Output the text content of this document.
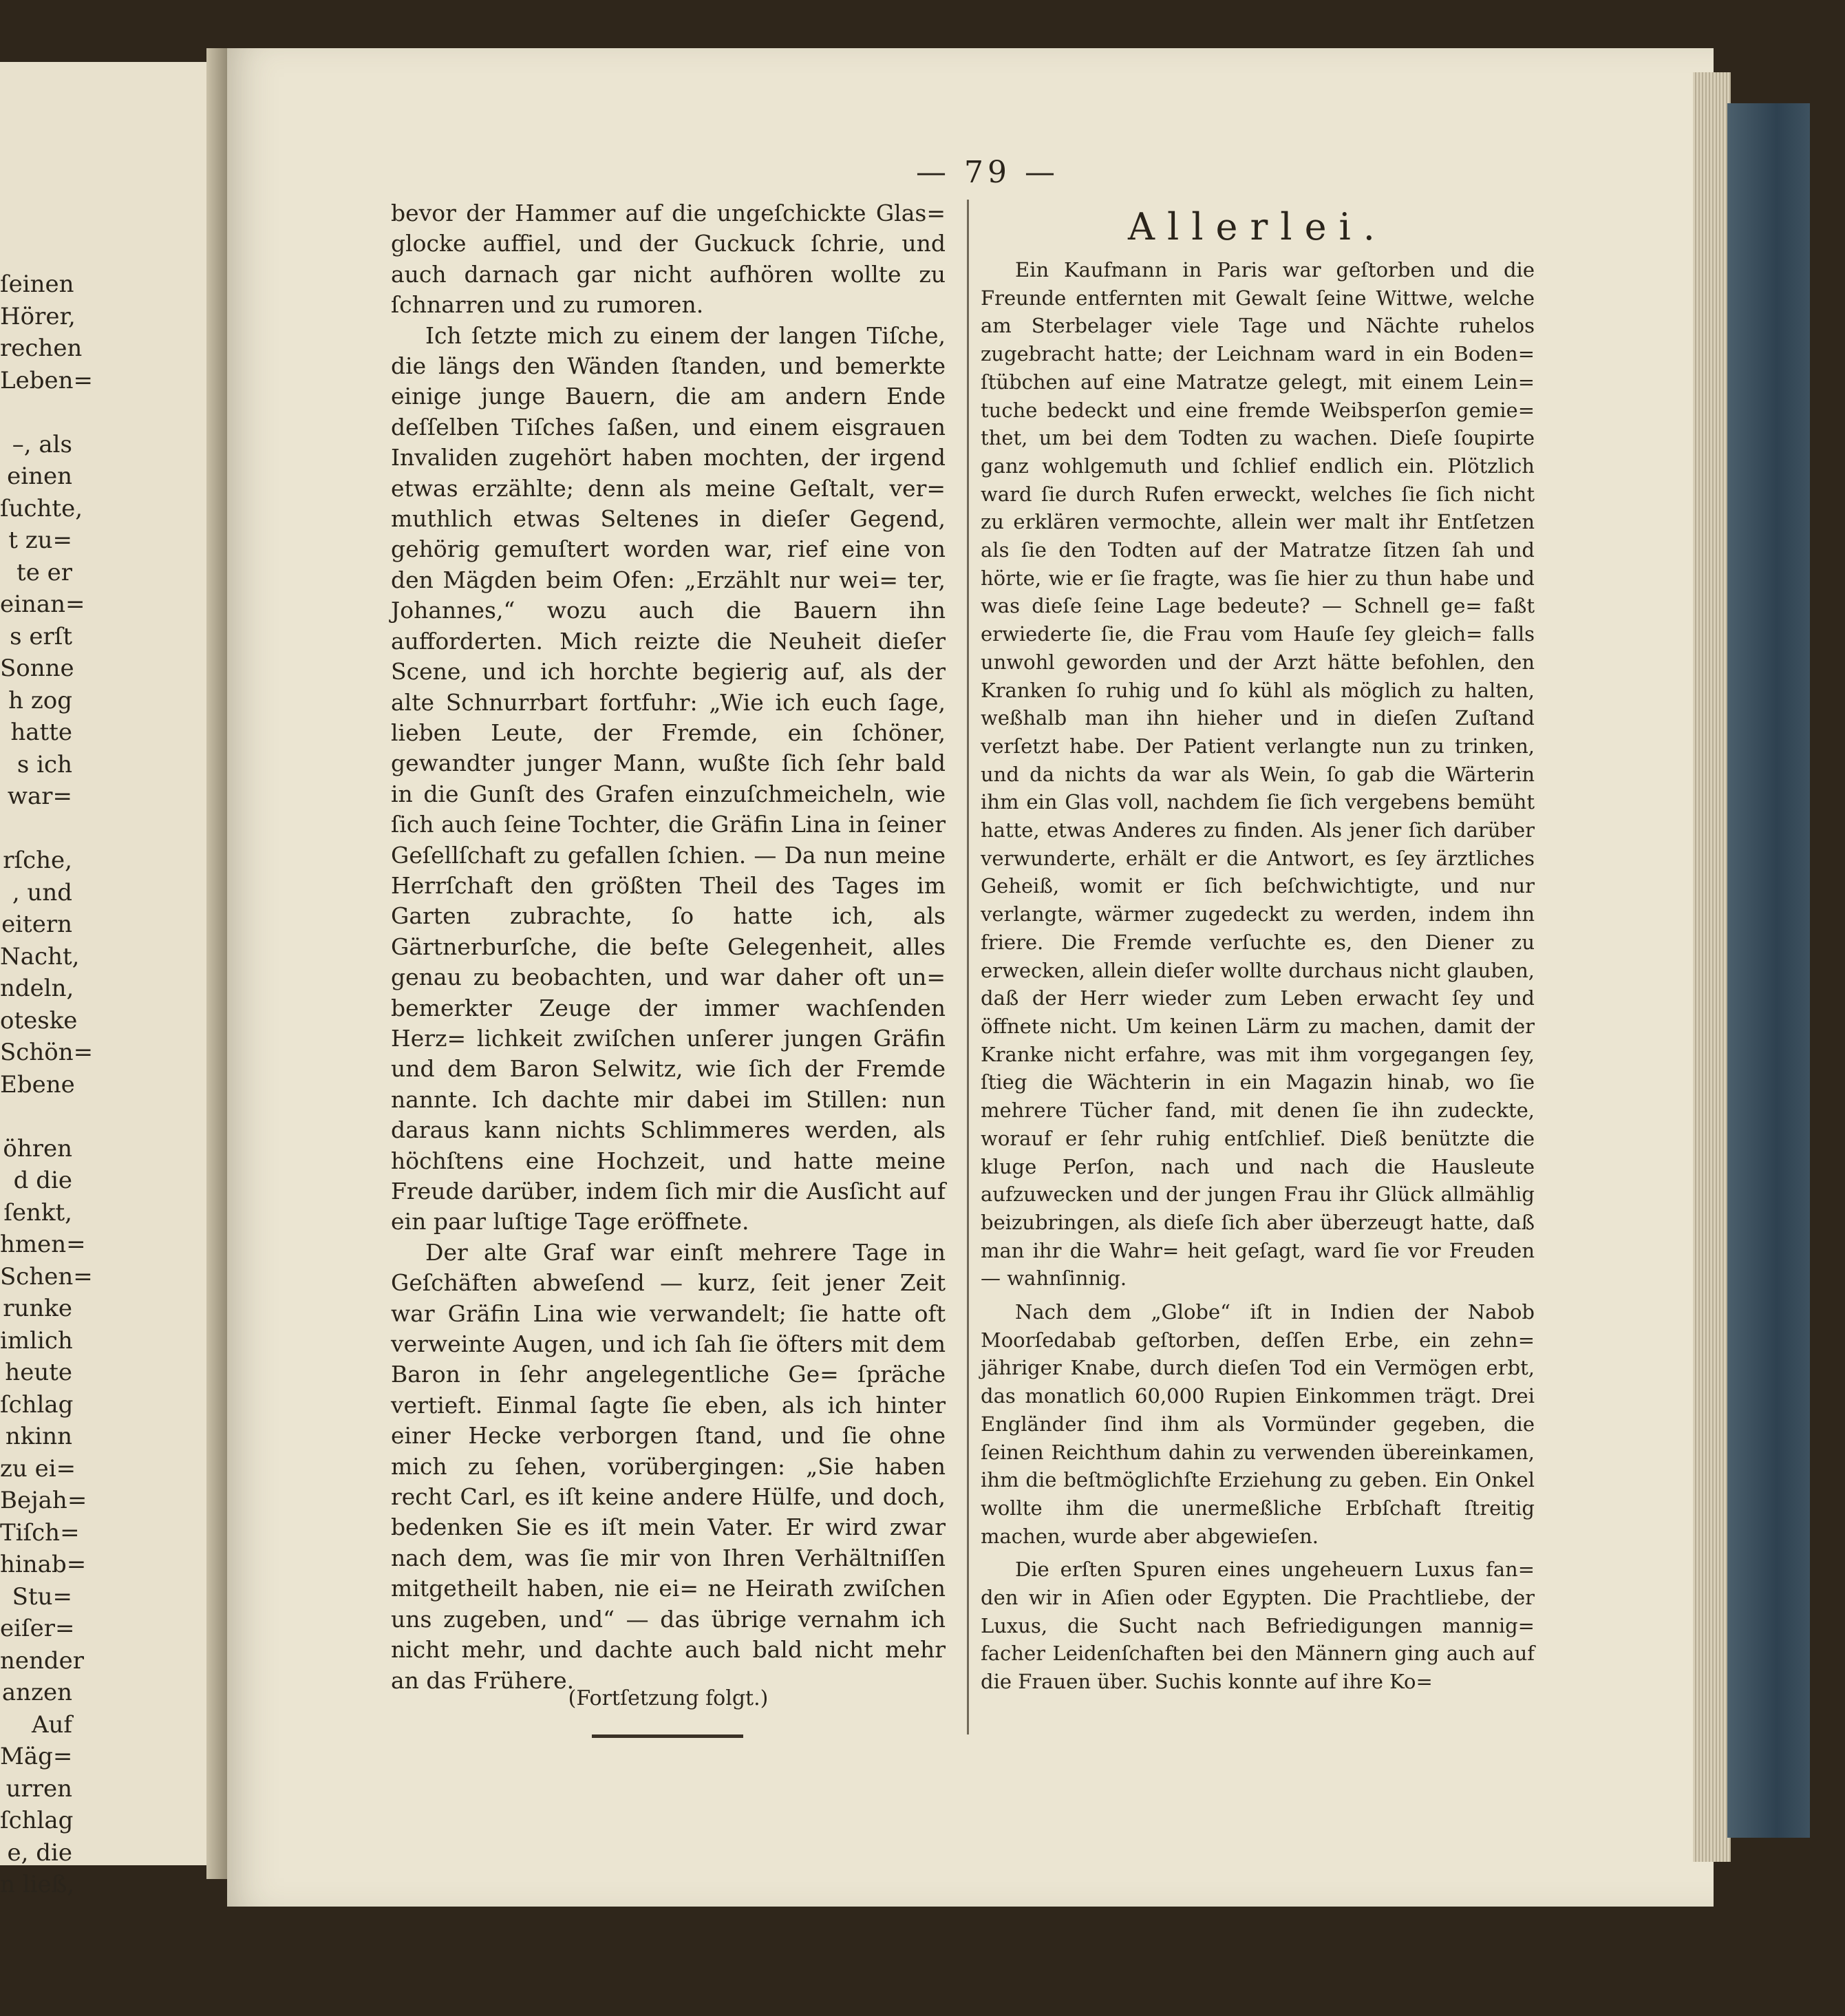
ſeinen
Hörer,
rechen
Leben=
–, als
einen
ſuchte,
t zu=
te er
einan=
s erſt
Sonne
h zog
hatte
s ich
war=
rſche,
, und
eitern
Nacht,
ndeln,
oteske
Schön=
Ebene
öhren
d die
ſenkt,
hmen=
Schen=
runke
imlich
heute
ſchlag
nkinn
zu ei=
Bejah=
Tiſch=
hinab=
Stu=
eiſer=
nender
anzen
Auf
Mäg=
urren
ſchlag
e, die
n ließ,
— 79 —

bevor der Hammer auf die ungeſchickte Glas= glocke auffiel, und der Guckuck ſchrie, und auch darnach gar nicht aufhören wollte zu ſchnarren und zu rumoren.

Ich ſetzte mich zu einem der langen Tiſche, die längs den Wänden ſtanden, und bemerkte einige junge Bauern, die am andern Ende deſſelben Tiſches ſaßen, und einem eisgrauen Invaliden zugehört haben mochten, der irgend etwas erzählte; denn als meine Geſtalt, ver= muthlich etwas Seltenes in dieſer Gegend, gehörig gemuſtert worden war, rief eine von den Mägden beim Ofen: „Erzählt nur wei= ter, Johannes,“ wozu auch die Bauern ihn aufforderten. Mich reizte die Neuheit dieſer Scene, und ich horchte begierig auf, als der alte Schnurrbart fortfuhr: „Wie ich euch ſage, lieben Leute, der Fremde, ein ſchöner, gewandter junger Mann, wußte ſich ſehr bald in die Gunſt des Grafen einzuſchmeicheln, wie ſich auch ſeine Tochter, die Gräfin Lina in ſeiner Geſellſchaft zu gefallen ſchien. — Da nun meine Herrſchaft den größten Theil des Tages im Garten zubrachte, ſo hatte ich, als Gärtnerburſche, die beſte Gelegenheit, alles genau zu beobachten, und war daher oft un= bemerkter Zeuge der immer wachſenden Herz= lichkeit zwiſchen unſerer jungen Gräfin und dem Baron Selwitz, wie ſich der Fremde nannte. Ich dachte mir dabei im Stillen: nun daraus kann nichts Schlimmeres werden, als höchſtens eine Hochzeit, und hatte meine Freude darüber, indem ſich mir die Ausſicht auf ein paar luſtige Tage eröffnete.

Der alte Graf war einſt mehrere Tage in Geſchäften abweſend — kurz, ſeit jener Zeit war Gräfin Lina wie verwandelt; ſie hatte oft verweinte Augen, und ich ſah ſie öfters mit dem Baron in ſehr angelegentliche Ge= ſpräche vertieft. Einmal ſagte ſie eben, als ich hinter einer Hecke verborgen ſtand, und ſie ohne mich zu ſehen, vorübergingen: „Sie haben recht Carl, es iſt keine andere Hülfe, und doch, bedenken Sie es iſt mein Vater. Er wird zwar nach dem, was ſie mir von Ihren Verhältniſſen mitgetheilt haben, nie ei= ne Heirath zwiſchen uns zugeben, und“ — das übrige vernahm ich nicht mehr, und dachte auch bald nicht mehr an das Frühere.

(Fortſetzung folgt.)
Allerlei.

Ein Kaufmann in Paris war geſtorben und die Freunde entfernten mit Gewalt ſeine Wittwe, welche am Sterbelager viele Tage und Nächte ruhelos zugebracht hatte; der Leichnam ward in ein Boden= ſtübchen auf eine Matratze gelegt, mit einem Lein= tuche bedeckt und eine fremde Weibsperſon gemie= thet, um bei dem Todten zu wachen. Dieſe ſoupirte ganz wohlgemuth und ſchlief endlich ein. Plötzlich ward ſie durch Rufen erweckt, welches ſie ſich nicht zu erklären vermochte, allein wer malt ihr Entſetzen als ſie den Todten auf der Matratze ſitzen ſah und hörte, wie er ſie fragte, was ſie hier zu thun habe und was dieſe ſeine Lage bedeute? — Schnell ge= faßt erwiederte ſie, die Frau vom Hauſe ſey gleich= falls unwohl geworden und der Arzt hätte befohlen, den Kranken ſo ruhig und ſo kühl als möglich zu halten, weßhalb man ihn hieher und in dieſen Zuſtand verſetzt habe. Der Patient verlangte nun zu trinken, und da nichts da war als Wein, ſo gab die Wärterin ihm ein Glas voll, nachdem ſie ſich vergebens bemüht hatte, etwas Anderes zu finden. Als jener ſich darüber verwunderte, erhält er die Antwort, es ſey ärztliches Geheiß, womit er ſich beſchwichtigte, und nur verlangte, wärmer zugedeckt zu werden, indem ihn friere. Die Fremde verſuchte es, den Diener zu erwecken, allein dieſer wollte durchaus nicht glauben, daß der Herr wieder zum Leben erwacht ſey und öffnete nicht. Um keinen Lärm zu machen, damit der Kranke nicht erfahre, was mit ihm vorgegangen ſey, ſtieg die Wächterin in ein Magazin hinab, wo ſie mehrere Tücher fand, mit denen ſie ihn zudeckte, worauf er ſehr ruhig entſchlief. Dieß benützte die kluge Perſon, nach und nach die Hausleute aufzuwecken und der jungen Frau ihr Glück allmählig beizubringen, als dieſe ſich aber überzeugt hatte, daß man ihr die Wahr= heit geſagt, ward ſie vor Freuden — wahnſinnig.

Nach dem „Globe“ iſt in Indien der Nabob Moorſedabab geſtorben, deſſen Erbe, ein zehn= jähriger Knabe, durch dieſen Tod ein Vermögen erbt, das monatlich 60,000 Rupien Einkommen trägt. Drei Engländer ſind ihm als Vormünder gegeben, die ſeinen Reichthum dahin zu verwenden übereinkamen, ihm die beſtmöglichſte Erziehung zu geben. Ein Onkel wollte ihm die unermeßliche Erbſchaft ſtreitig machen, wurde aber abgewieſen.

Die erſten Spuren eines ungeheuern Luxus fan= den wir in Aſien oder Egypten. Die Prachtliebe, der Luxus, die Sucht nach Befriedigungen mannig= facher Leidenſchaften bei den Männern ging auch auf die Frauen über. Suchis konnte auf ihre Ko=
